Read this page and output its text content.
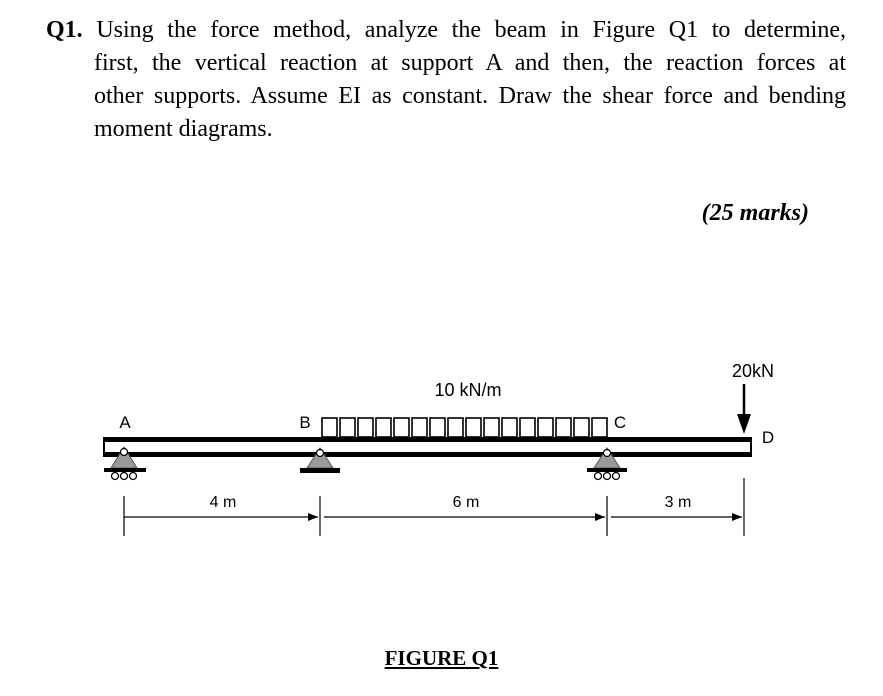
Q1. Using the force method, analyze the beam in Figure Q1 to determine,
first, the vertical reaction at support A and then, the reaction forces at
other supports. Assume EI as constant. Draw the shear force and bending
moment diagrams.
(25 marks)
A	B	C
D
10 kN/m
20kN
4 m	6 m	3 m
FIGURE Q1
